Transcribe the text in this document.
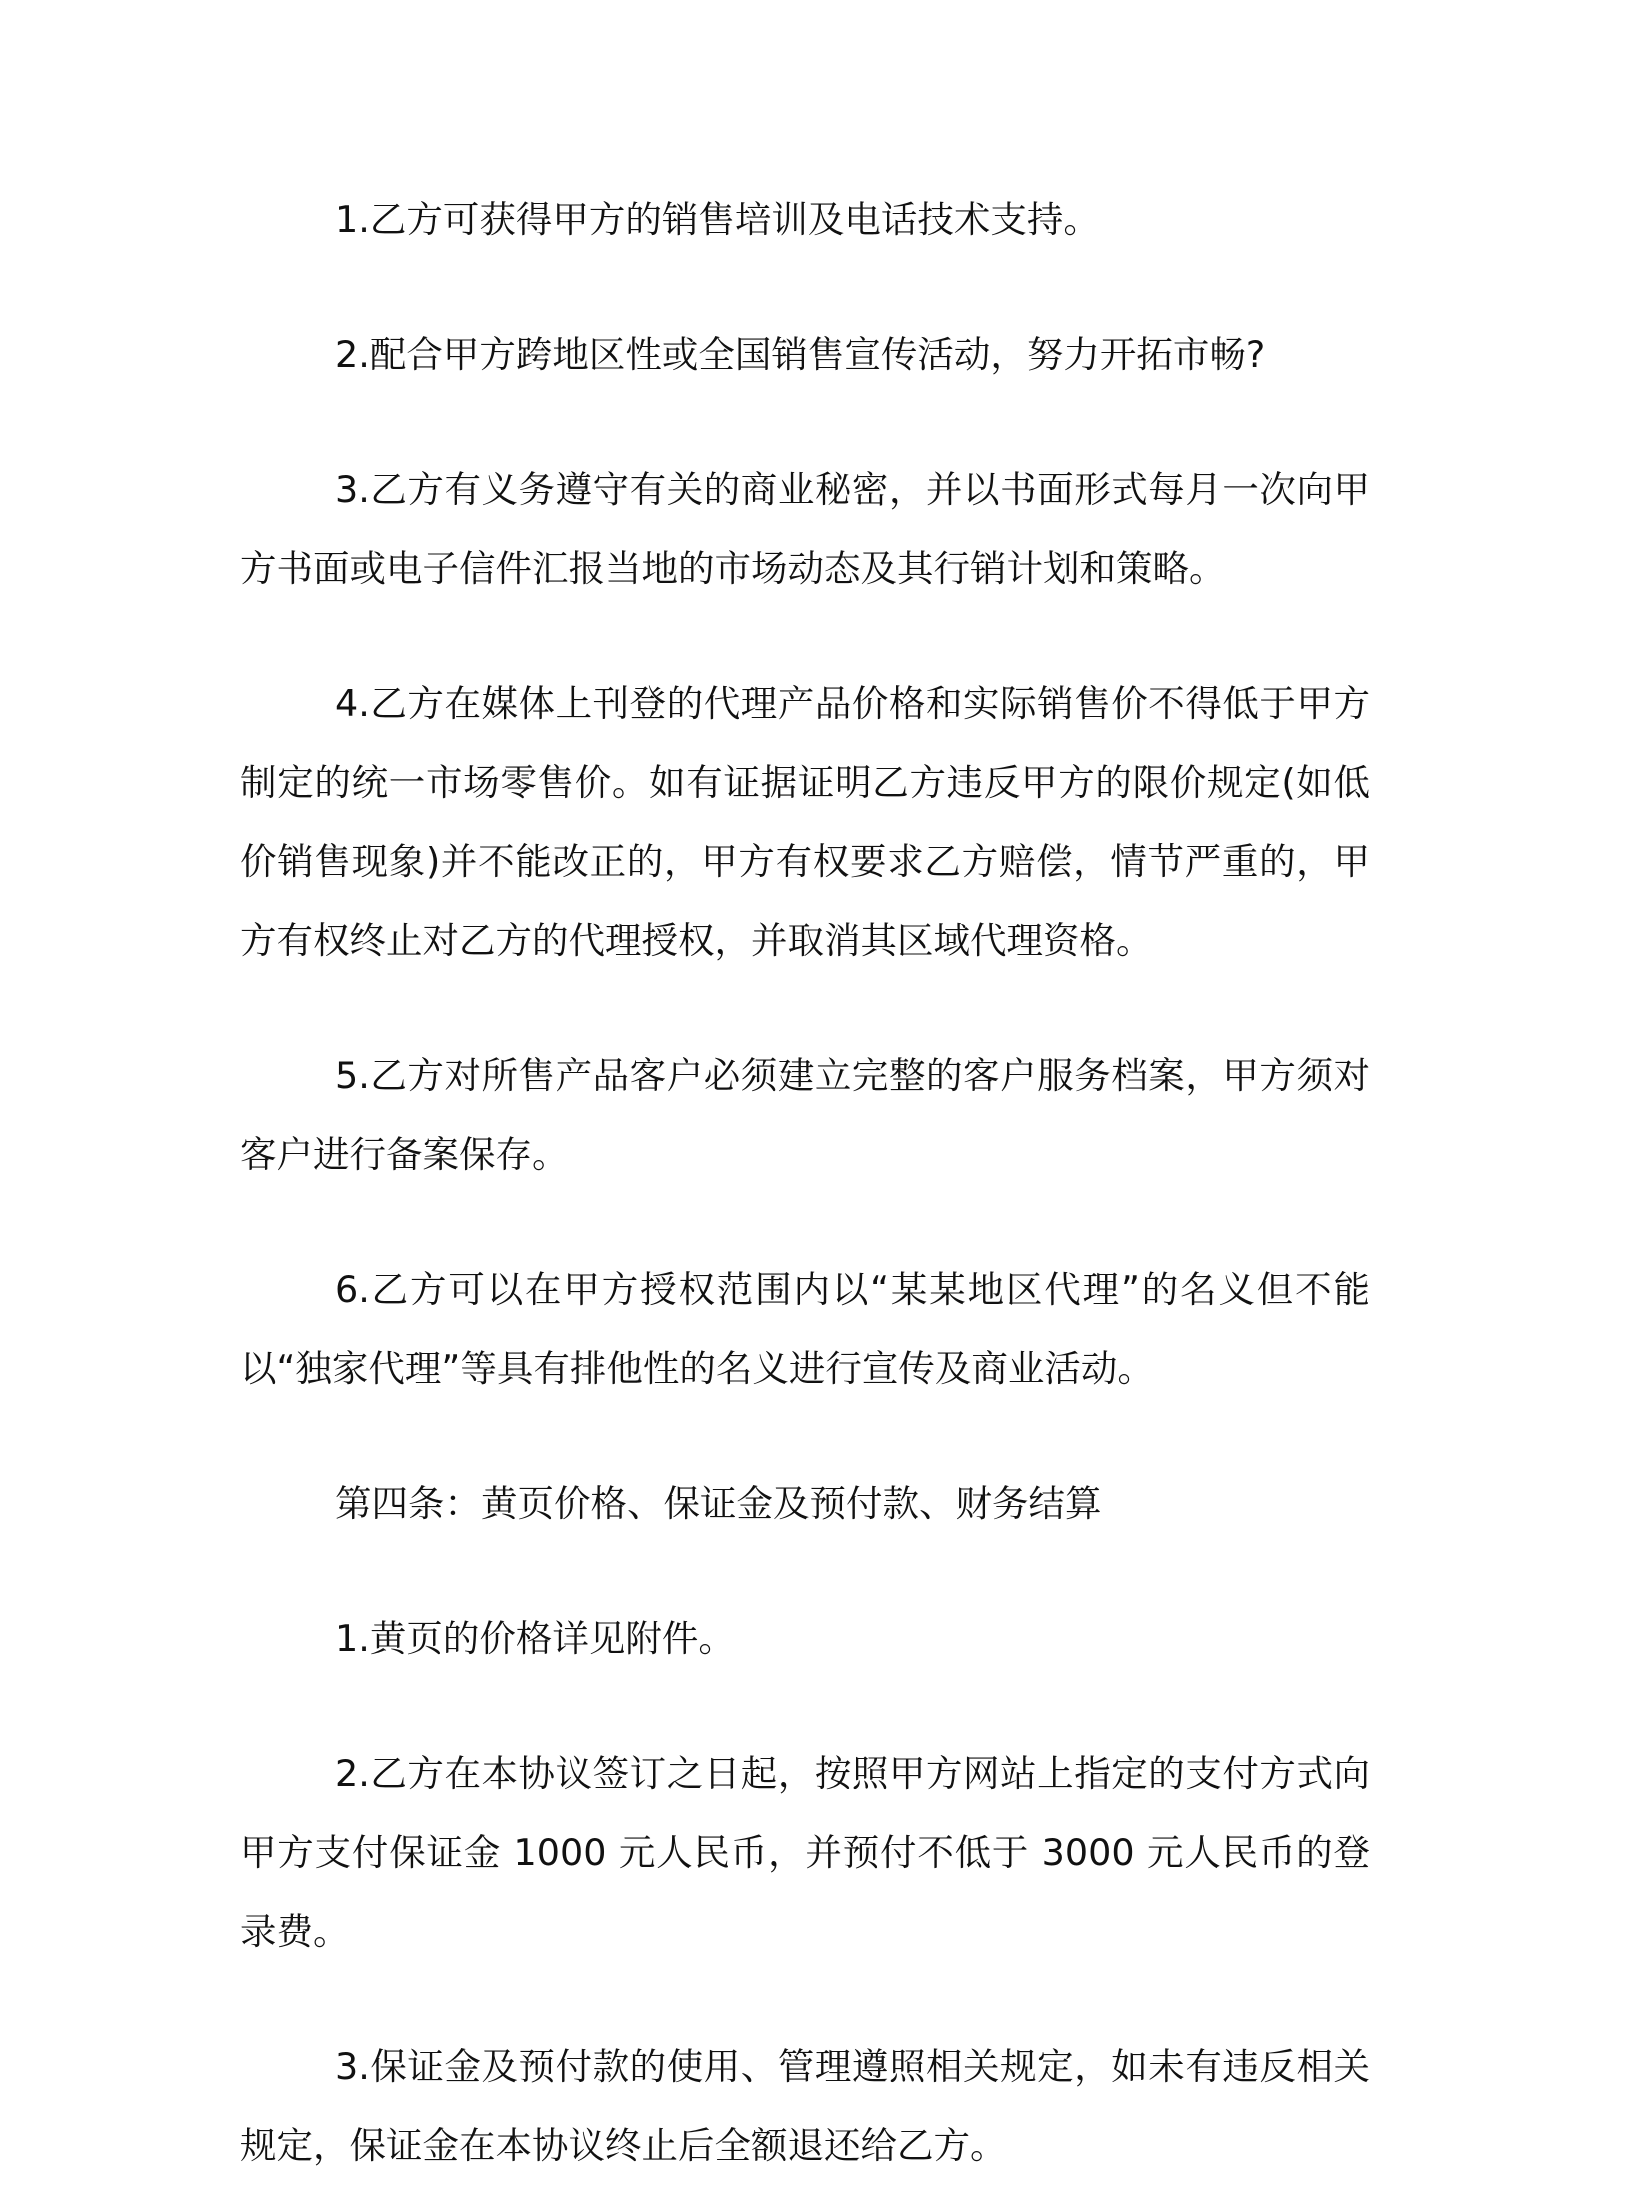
1.乙方可获得甲方的销售培训及电话技术支持。

2.配合甲方跨地区性或全国销售宣传活动，努力开拓市畅?

3.乙方有义务遵守有关的商业秘密，并以书面形式每月一次向甲方书面或电子信件汇报当地的市场动态及其行销计划和策略。

4.乙方在媒体上刊登的代理产品价格和实际销售价不得低于甲方制定的统一市场零售价。如有证据证明乙方违反甲方的限价规定(如低价销售现象)并不能改正的，甲方有权要求乙方赔偿，情节严重的，甲方有权终止对乙方的代理授权，并取消其区域代理资格。

5.乙方对所售产品客户必须建立完整的客户服务档案，甲方须对客户进行备案保存。

6.乙方可以在甲方授权范围内以“某某地区代理”的名义但不能以“独家代理”等具有排他性的名义进行宣传及商业活动。

第四条：黄页价格、保证金及预付款、财务结算

1.黄页的价格详见附件。

2.乙方在本协议签订之日起，按照甲方网站上指定的支付方式向甲方支付保证金 1000 元人民币，并预付不低于 3000 元人民币的登录费。

3.保证金及预付款的使用、管理遵照相关规定，如未有违反相关规定，保证金在本协议终止后全额退还给乙方。
